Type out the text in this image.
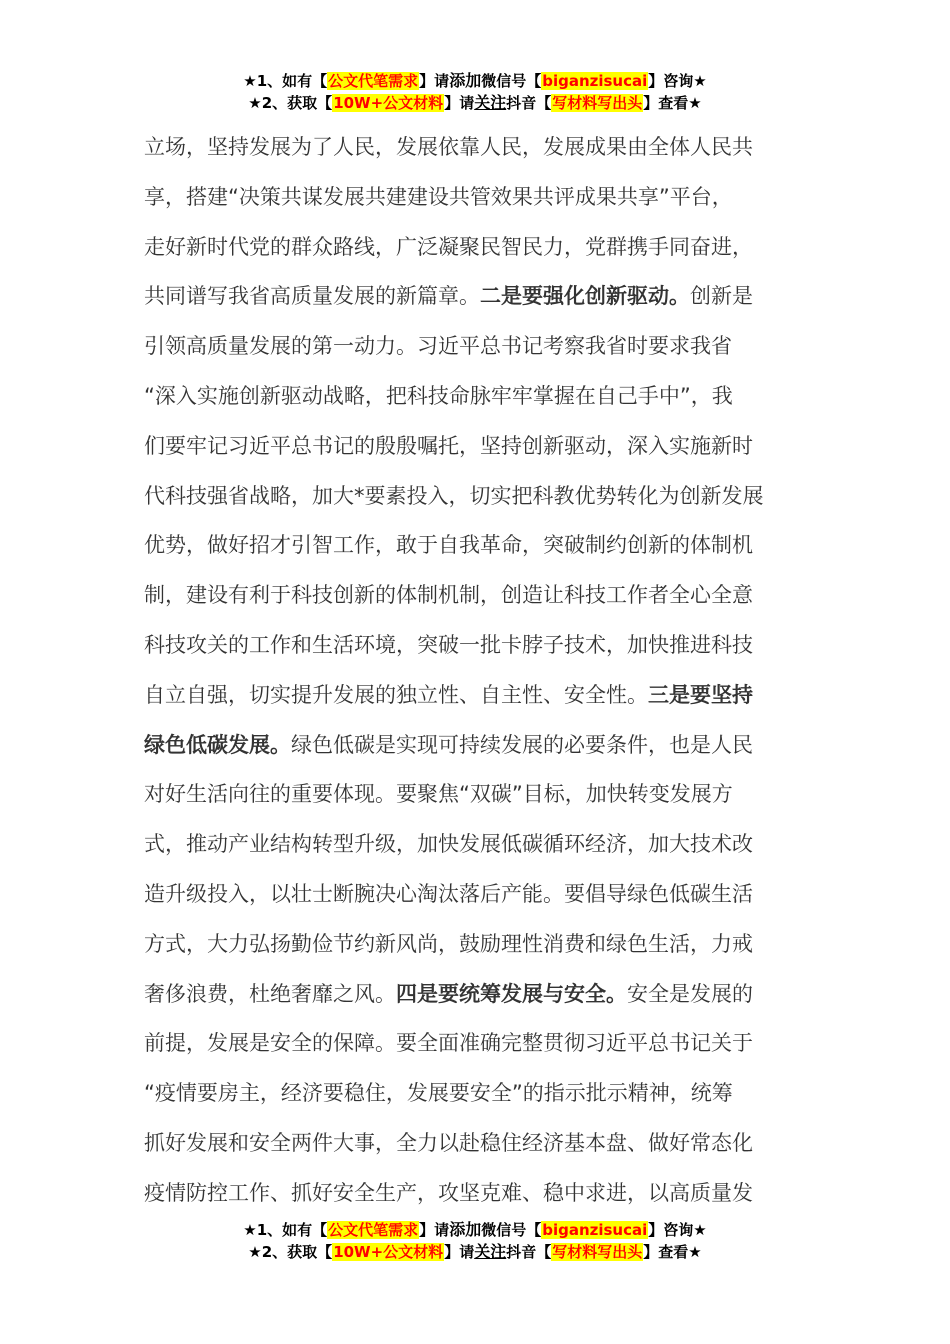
★1、如有【公文代笔需求】请添加微信号【biganzisucai】咨询★
★2、获取【10W+公文材料】请关注抖音【写材料写出头】查看★
立场，坚持发展为了人民，发展依靠人民，发展成果由全体人民共
享，搭建“决策共谋发展共建建设共管效果共评成果共享”平台，
走好新时代党的群众路线，广泛凝聚民智民力，党群携手同奋进，
共同谱写我省高质量发展的新篇章。二是要强化创新驱动。创新是
引领高质量发展的第一动力。习近平总书记考察我省时要求我省
“深入实施创新驱动战略，把科技命脉牢牢掌握在自己手中”，我
们要牢记习近平总书记的殷殷嘱托，坚持创新驱动，深入实施新时
代科技强省战略，加大*要素投入，切实把科教优势转化为创新发展
优势，做好招才引智工作，敢于自我革命，突破制约创新的体制机
制，建设有利于科技创新的体制机制，创造让科技工作者全心全意
科技攻关的工作和生活环境，突破一批卡脖子技术，加快推进科技
自立自强，切实提升发展的独立性、自主性、安全性。三是要坚持
绿色低碳发展。绿色低碳是实现可持续发展的必要条件，也是人民
对好生活向往的重要体现。要聚焦“双碳”目标，加快转变发展方
式，推动产业结构转型升级，加快发展低碳循环经济，加大技术改
造升级投入，以壮士断腕决心淘汰落后产能。要倡导绿色低碳生活
方式，大力弘扬勤俭节约新风尚，鼓励理性消费和绿色生活，力戒
奢侈浪费，杜绝奢靡之风。四是要统筹发展与安全。安全是发展的
前提，发展是安全的保障。要全面准确完整贯彻习近平总书记关于
“疫情要房主，经济要稳住，发展要安全”的指示批示精神，统筹
抓好发展和安全两件大事，全力以赴稳住经济基本盘、做好常态化
疫情防控工作、抓好安全生产，攻坚克难、稳中求进，以高质量发
★1、如有【公文代笔需求】请添加微信号【biganzisucai】咨询★
★2、获取【10W+公文材料】请关注抖音【写材料写出头】查看★
